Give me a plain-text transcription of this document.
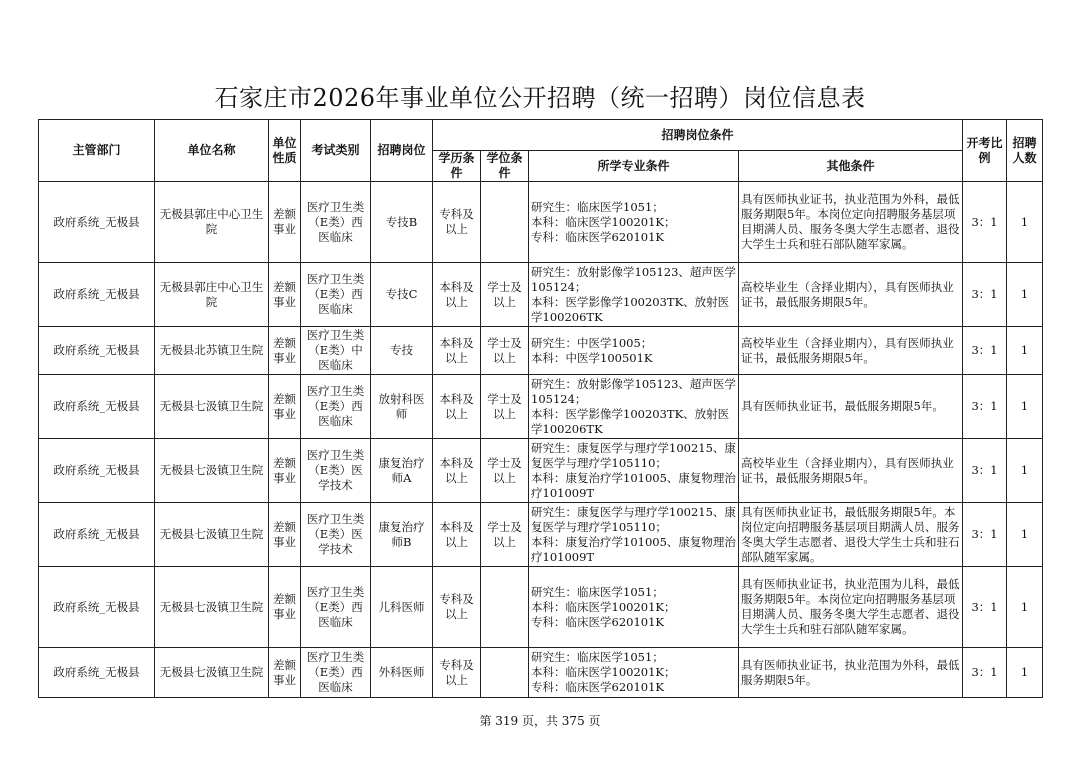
石家庄市2026年事业单位公开招聘（统一招聘）岗位信息表
主管部门	单位名称	单位性质	考试类别	招聘岗位	招聘岗位条件				开考比例	招聘人数
					学历条件	学位条件	所学专业条件	其他条件		
政府系统_无极县	无极县郭庄中心卫生院	差额事业	医疗卫生类（E类）西医临床	专技B	专科及以上		研究生：临床医学1051；
本科：临床医学100201K；
专科：临床医学620101K	具有医师执业证书，执业范围为外科，最低服务期限5年。本岗位定向招聘服务基层项目期满人员、服务冬奥大学生志愿者、退役大学生士兵和驻石部队随军家属。	3：1	1
政府系统_无极县	无极县郭庄中心卫生院	差额事业	医疗卫生类（E类）西医临床	专技C	本科及以上	学士及以上	研究生：放射影像学105123、超声医学105124；
本科：医学影像学100203TK、放射医学100206TK	高校毕业生（含择业期内），具有医师执业证书，最低服务期限5年。	3：1	1
政府系统_无极县	无极县北苏镇卫生院	差额事业	医疗卫生类（E类）中医临床	专技	本科及以上	学士及以上	研究生：中医学1005；
本科：中医学100501K	高校毕业生（含择业期内），具有医师执业证书，最低服务期限5年。	3：1	1
政府系统_无极县	无极县七汲镇卫生院	差额事业	医疗卫生类（E类）西医临床	放射科医师	本科及以上	学士及以上	研究生：放射影像学105123、超声医学105124；
本科：医学影像学100203TK、放射医学100206TK	具有医师执业证书，最低服务期限5年。	3：1	1
政府系统_无极县	无极县七汲镇卫生院	差额事业	医疗卫生类（E类）医学技术	康复治疗师A	本科及以上	学士及以上	研究生：康复医学与理疗学100215、康复医学与理疗学105110；
本科：康复治疗学101005、康复物理治疗101009T	高校毕业生（含择业期内），具有医师执业证书，最低服务期限5年。	3：1	1
政府系统_无极县	无极县七汲镇卫生院	差额事业	医疗卫生类（E类）医学技术	康复治疗师B	本科及以上	学士及以上	研究生：康复医学与理疗学100215、康复医学与理疗学105110；
本科：康复治疗学101005、康复物理治疗101009T	具有医师执业证书，最低服务期限5年。本岗位定向招聘服务基层项目期满人员、服务冬奥大学生志愿者、退役大学生士兵和驻石部队随军家属。	3：1	1
政府系统_无极县	无极县七汲镇卫生院	差额事业	医疗卫生类（E类）西医临床	儿科医师	专科及以上		研究生：临床医学1051；
本科：临床医学100201K；
专科：临床医学620101K	具有医师执业证书，执业范围为儿科，最低服务期限5年。本岗位定向招聘服务基层项目期满人员、服务冬奥大学生志愿者、退役大学生士兵和驻石部队随军家属。	3：1	1
政府系统_无极县	无极县七汲镇卫生院	差额事业	医疗卫生类（E类）西医临床	外科医师	专科及以上		研究生：临床医学1051；
本科：临床医学100201K；
专科：临床医学620101K	具有医师执业证书，执业范围为外科，最低服务期限5年。	3：1	1
第 319 页，共 375 页
